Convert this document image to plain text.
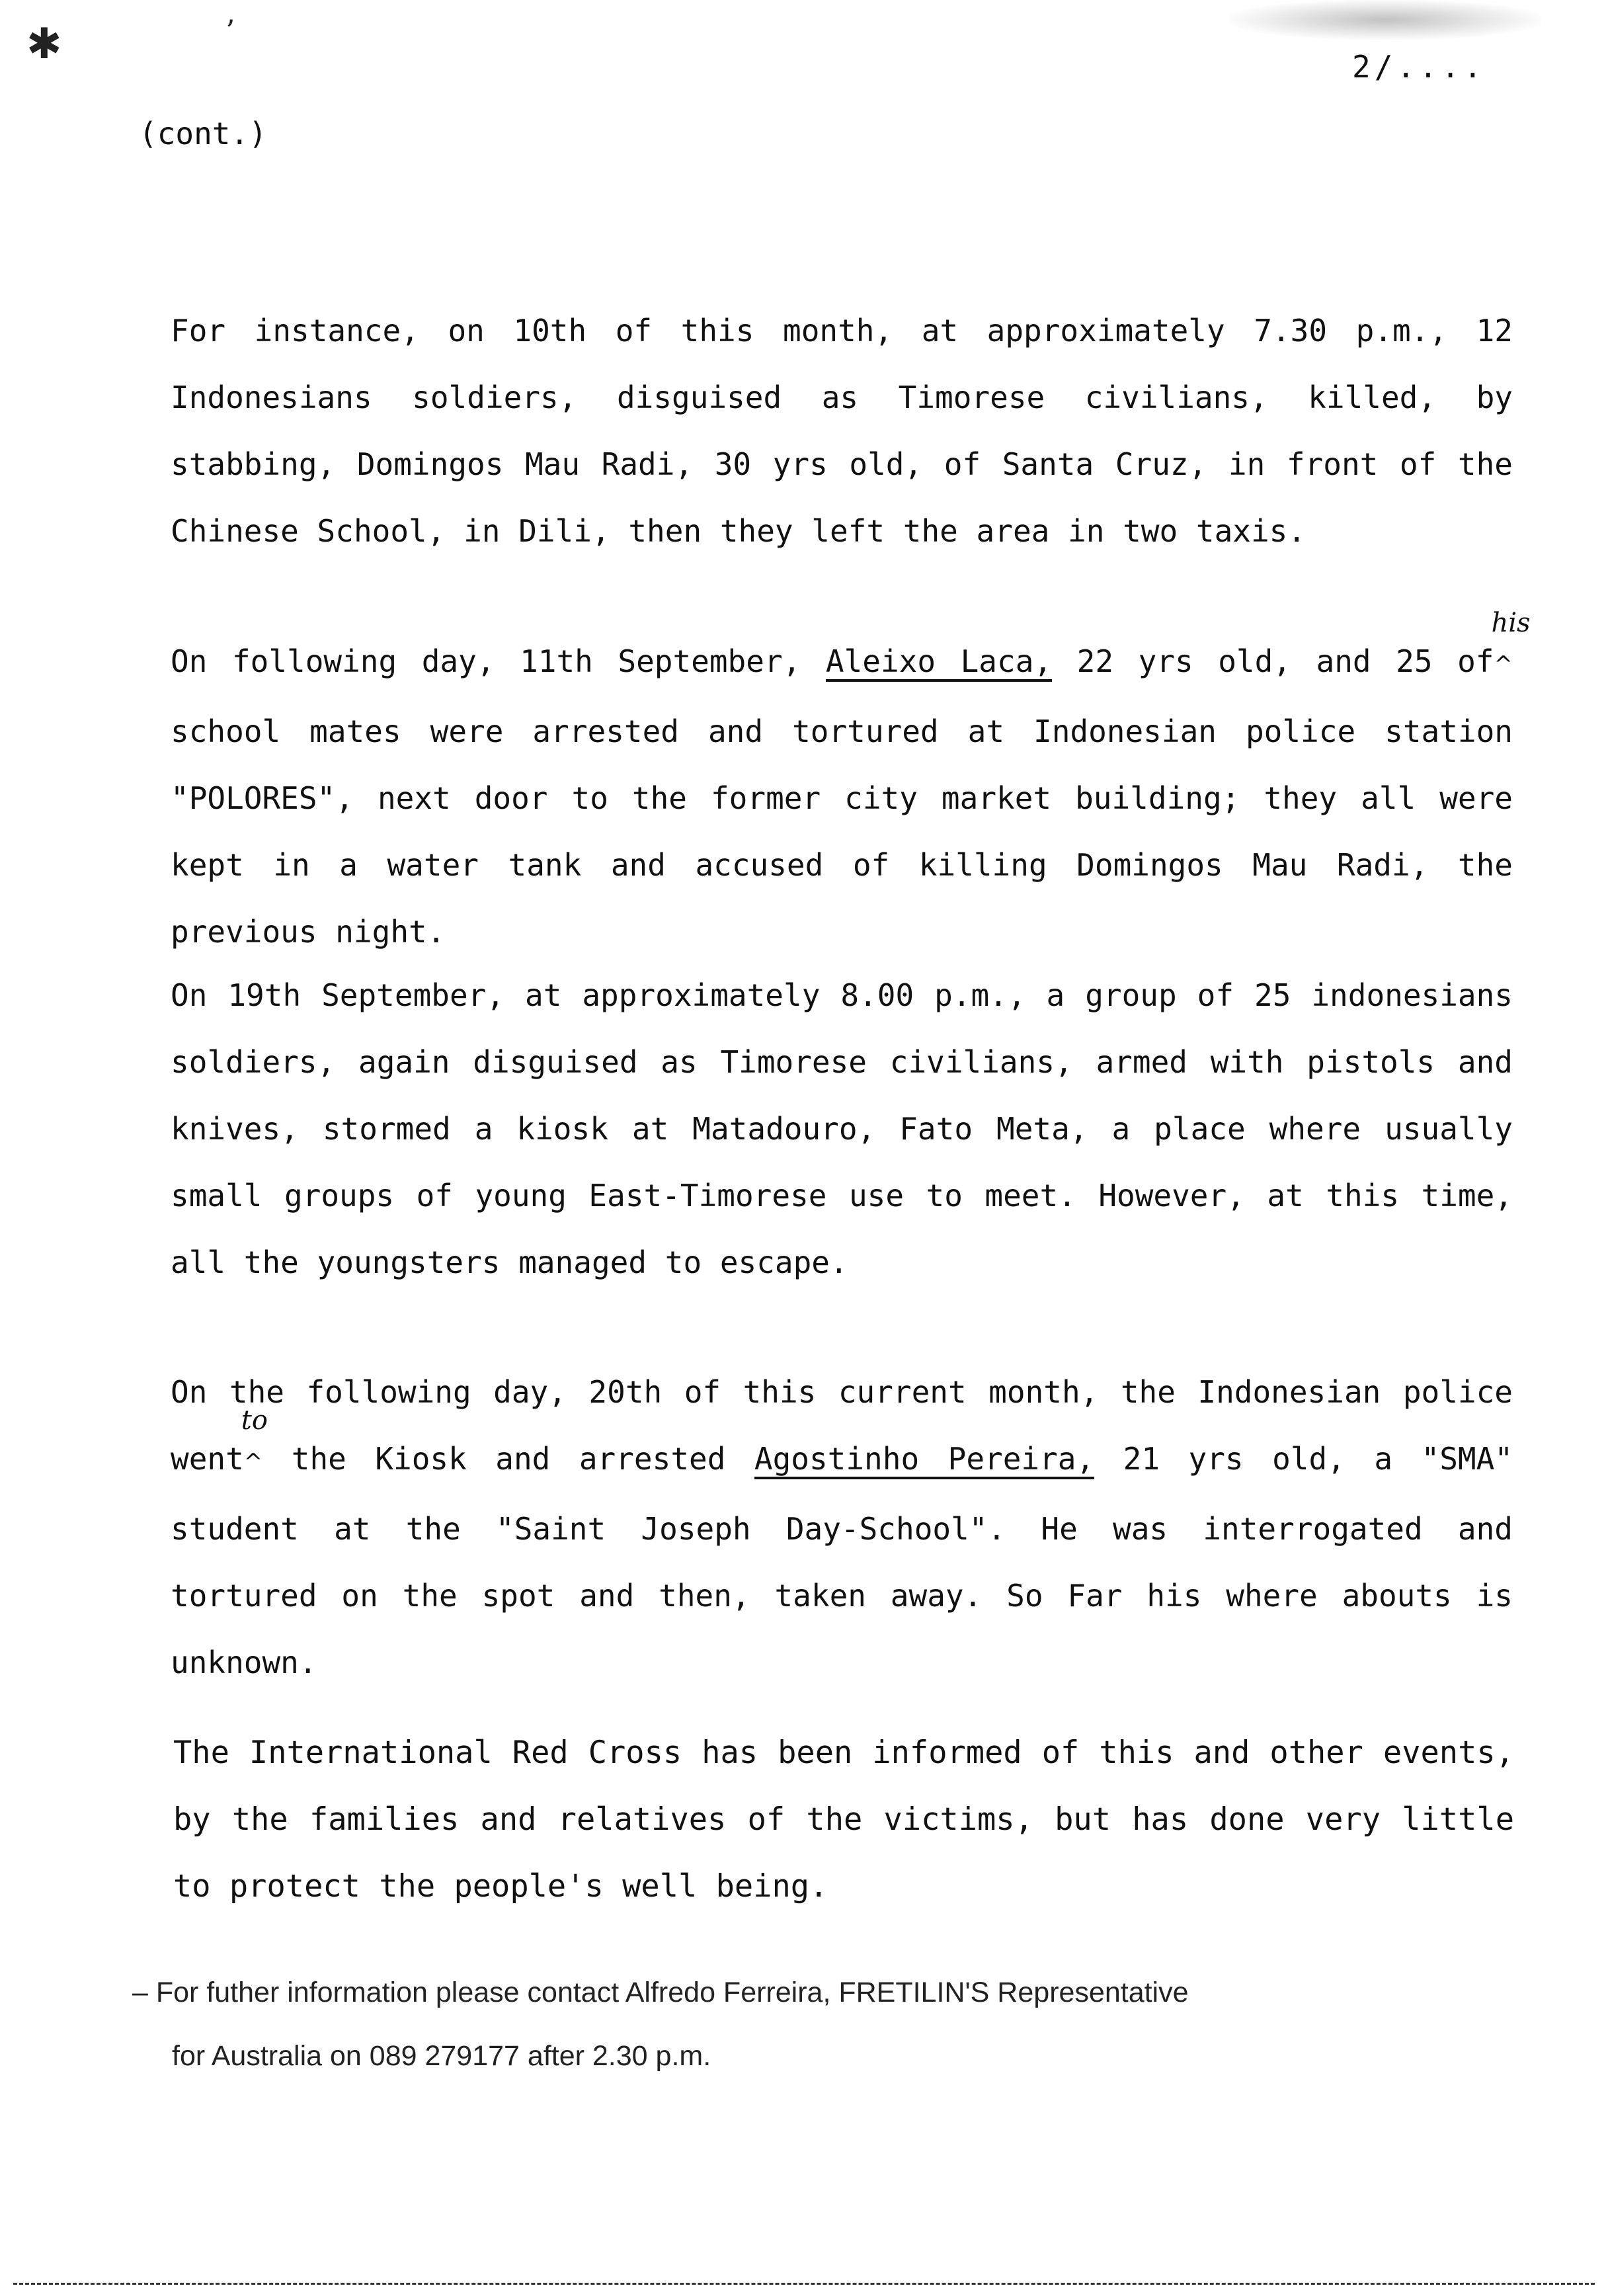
✱	ʼ
2/....
(cont.)

For instance, on 10th of this month, at approximately 7.30 p.m., 12 Indonesians soldiers, disguised as Timorese civilians, killed, by stabbing, Domingos Mau Radi, 30 yrs old, of Santa Cruz, in front of the Chinese School, in Dili, then they left the area in two taxis.

On following day, 11th September, Aleixo Laca, 22 yrs old, and 25 of
his
^school mates were arrested and tortured at Indonesian police station "POLORES", next door to the former city market building; they all were kept in a water tank and accused of killing Domingos Mau Radi, the previous night.

On 19th September, at approximately 8.00 p.m., a group of 25 indonesians soldiers, again disguised as Timorese civilians, armed with pistols and knives, stormed a kiosk at Matadouro, Fato Meta, a place where usually small groups of young East-Timorese use to meet. However, at this time, all the youngsters managed to escape.

On the following day, 20th of this current month, the Indonesian police went
to
^ the Kiosk and arrested Agostinho Pereira, 21 yrs old, a "SMA" student at the "Saint Joseph Day-School". He was interrogated and tortured on the spot and then, taken away. So Far his where abouts is unknown.

The International Red Cross has been informed of this and other events, by the families and relatives of the victims, but has done very little to protect the people's well being.

– For futher information please contact Alfredo Ferreira, FRETILIN'S Representative
for Australia on 089 279177 after 2.30 p.m.
